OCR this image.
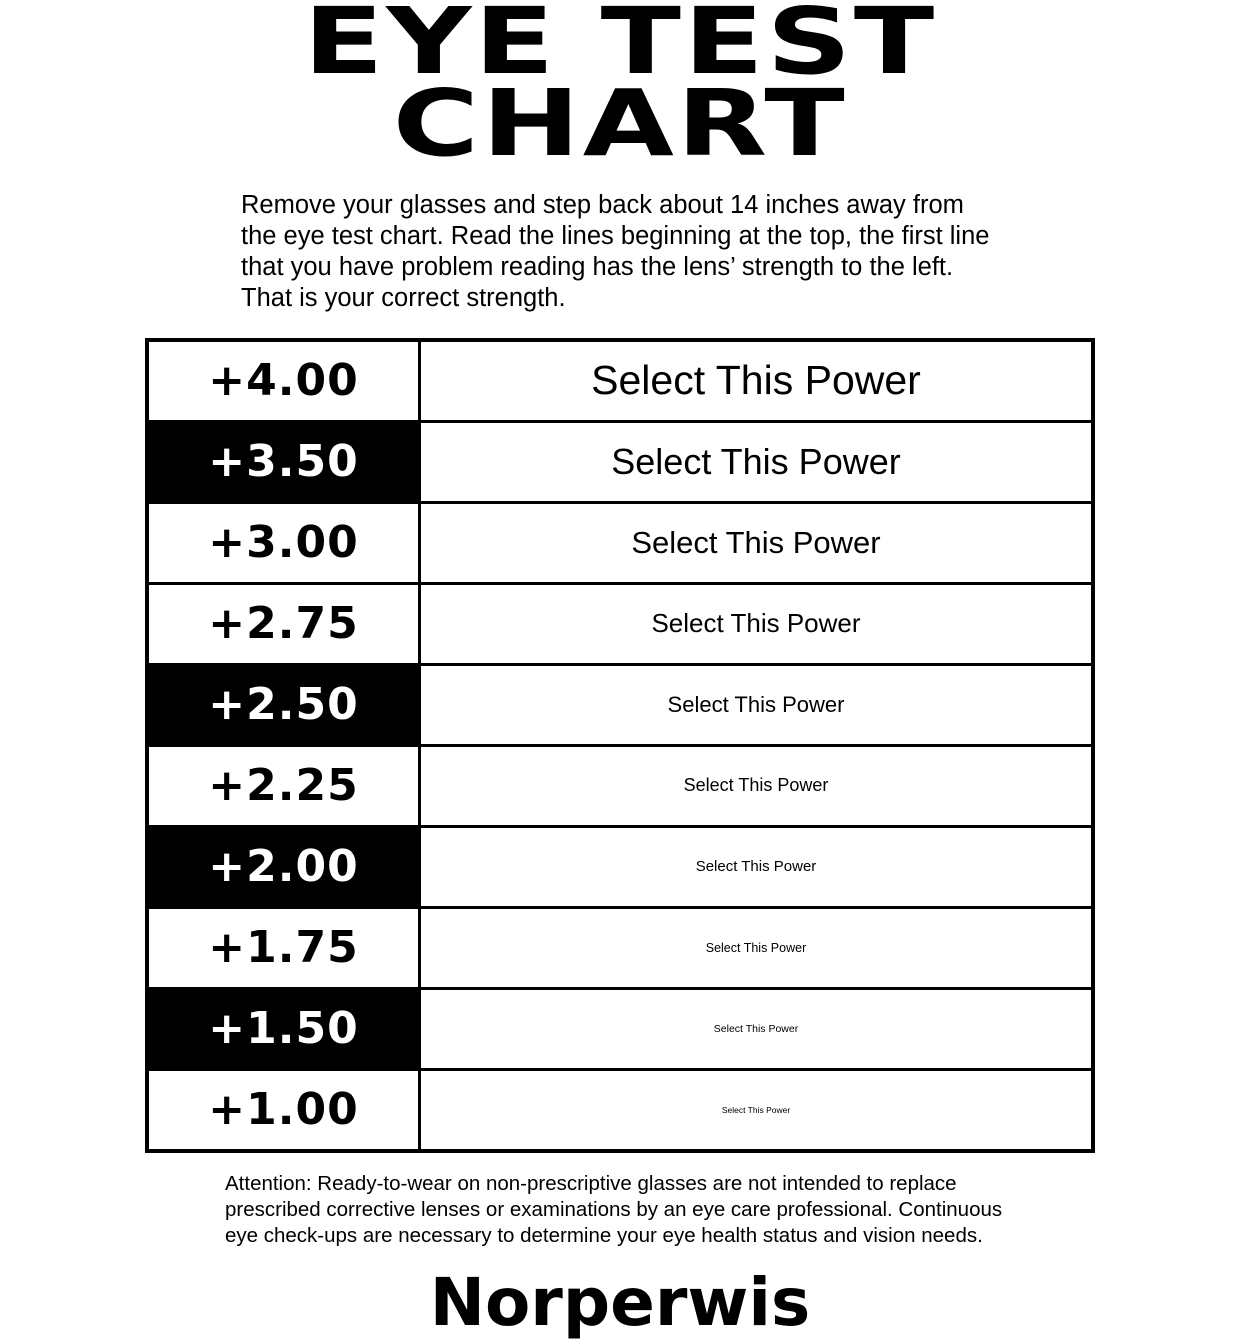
EYE TEST
CHART

Remove your glasses and step back about 14 inches away from the eye test chart. Read the lines beginning at the top, the first line that you have problem reading has the lens’ strength to the left. That is your correct strength.

+4.00	Select This Power
+3.50	Select This Power
+3.00	Select This Power
+2.75	Select This Power
+2.50	Select This Power
+2.25	Select This Power
+2.00	Select This Power
+1.75	Select This Power
+1.50	Select This Power
+1.00	Select This Power

Attention: Ready-to-wear on non-prescriptive glasses are not intended to replace prescribed corrective lenses or examinations by an eye care professional. Continuous eye check-ups are necessary to determine your eye health status and vision needs.

Norperwis
